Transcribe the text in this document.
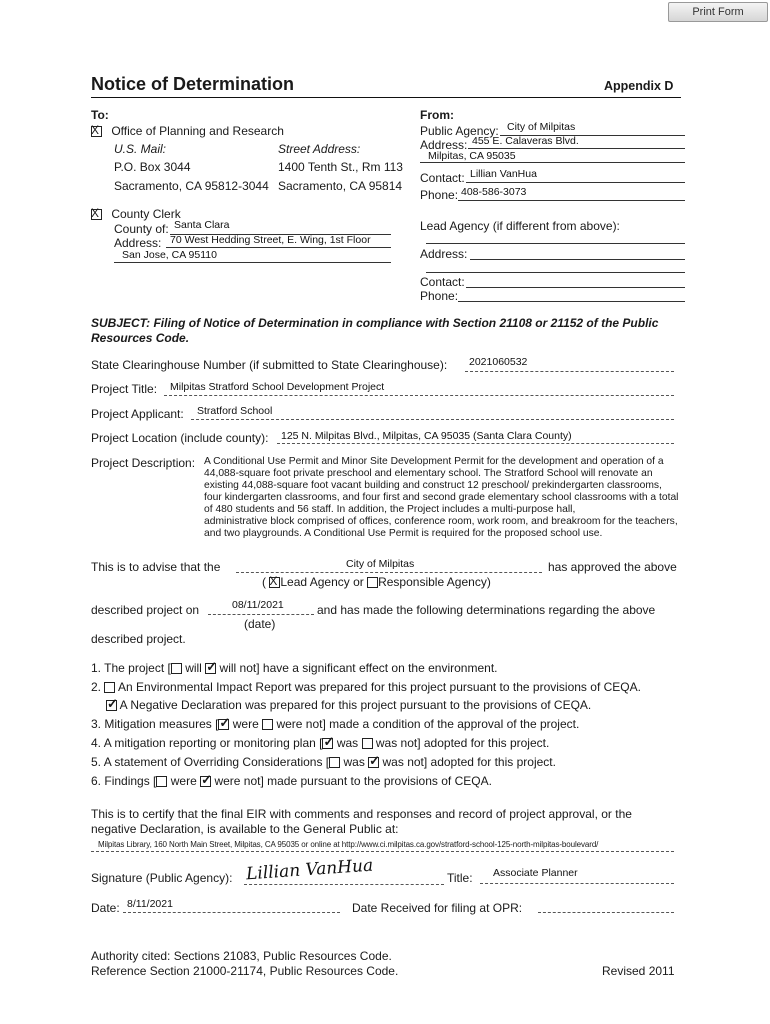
Print Form
Notice of Determination	Appendix D
To:
X Office of Planning and Research
U.S. Mail:	Street Address:
P.O. Box 3044	1400 Tenth St., Rm 113
Sacramento, CA 95812-3044 Sacramento, CA 95814
X County Clerk
County of: Santa Clara
Address: 70 West Hedding Street, E. Wing, 1st Floor
San Jose, CA 95110
From:
Public Agency: City of Milpitas
Address: 455 E. Calaveras Blvd.
Milpitas, CA 95035
Contact: Lillian VanHua
Phone: 408-586-3073
Lead Agency (if different from above):
Address:
Contact:
Phone:
SUBJECT: Filing of Notice of Determination in compliance with Section 21108 or 21152 of the Public Resources Code.
State Clearinghouse Number (if submitted to State Clearinghouse): 2021060532
Project Title: Milpitas Stratford School Development Project
Project Applicant: Stratford School
Project Location (include county): 125 N. Milpitas Blvd., Milpitas, CA 95035 (Santa Clara County)
Project Description: A Conditional Use Permit and Minor Site Development Permit for the development and operation of a
44,088-square foot private preschool and elementary school. The Stratford School will renovate an
existing 44,088-square foot vacant building and construct 12 preschool/ prekindergarten classrooms,
four kindergarten classrooms, and four first and second grade elementary school classrooms with a total
of 480 students and 56 staff. In addition, the Project includes a multi-purpose hall,
administrative block comprised of offices, conference room, work room, and breakroom for the teachers,
and two playgrounds. A Conditional Use Permit is required for the proposed school use.
This is to advise that the	City of Milpitas	has approved the above
( X Lead Agency or Responsible Agency)
described project on	08/11/2021	and has made the following determinations regarding the above
(date)
described project.
1. The project [ will ✓ will not] have a significant effect on the environment.
2. An Environmental Impact Report was prepared for this project pursuant to the provisions of CEQA.
✓ A Negative Declaration was prepared for this project pursuant to the provisions of CEQA.
3. Mitigation measures [ ✓ were were not] made a condition of the approval of the project.
4. A mitigation reporting or monitoring plan [ ✓ was was not] adopted for this project.
5. A statement of Overriding Considerations [ was ✓ was not] adopted for this project.
6. Findings [ were ✓ were not] made pursuant to the provisions of CEQA.
This is to certify that the final EIR with comments and responses and record of project approval, or the
negative Declaration, is available to the General Public at:
Milpitas Library, 160 North Main Street, Milpitas, CA 95035 or online at http://www.ci.milpitas.ca.gov/stratford-school-125-north-milpitas-boulevard/
Signature (Public Agency): Lillian VanHua	Title: Associate Planner
Date: 8/11/2021	Date Received for filing at OPR:
Authority cited: Sections 21083, Public Resources Code.
Reference Section 21000-21174, Public Resources Code.	Revised 2011
